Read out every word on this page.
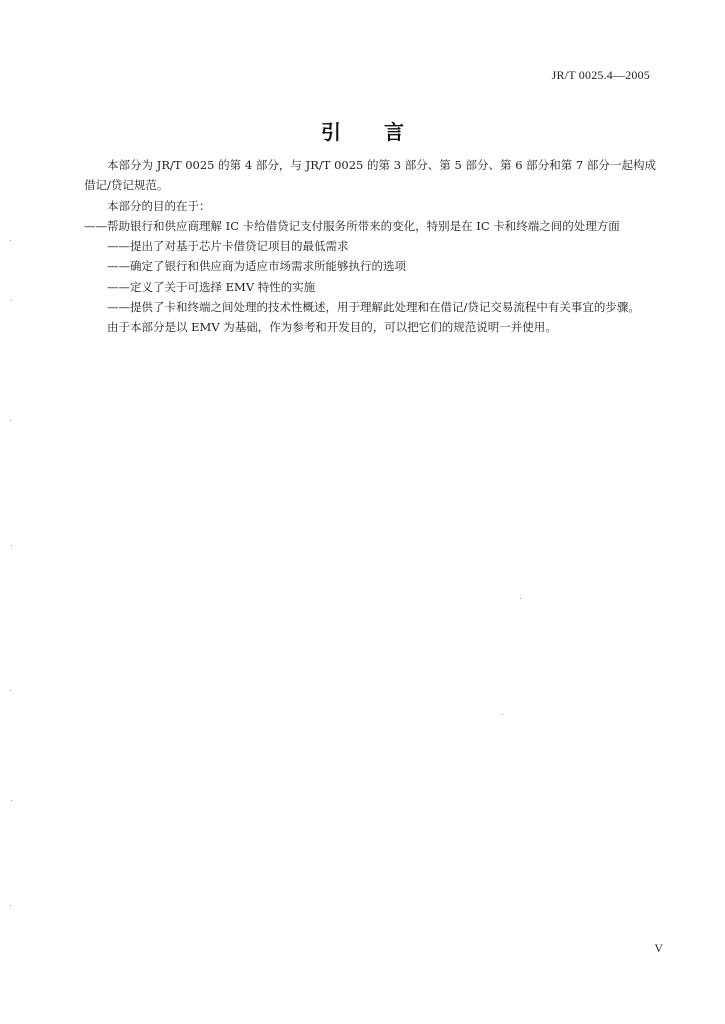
JR/T 0025.4—2005
引 言

本部分为 JR/T 0025 的第 4 部分，与 JR/T 0025 的第 3 部分、第 5 部分、第 6 部分和第 7 部分一起构成借记/贷记规范。

本部分的目的在于：

——帮助银行和供应商理解 IC 卡给借贷记支付服务所带来的变化，特别是在 IC 卡和终端之间的处理方面

——提出了对基于芯片卡借贷记项目的最低需求

——确定了银行和供应商为适应市场需求所能够执行的选项

——定义了关于可选择 EMV 特性的实施

——提供了卡和终端之间处理的技术性概述，用于理解此处理和在借记/贷记交易流程中有关事宜的步骤。

由于本部分是以 EMV 为基础，作为参考和开发目的，可以把它们的规范说明一并使用。

V
